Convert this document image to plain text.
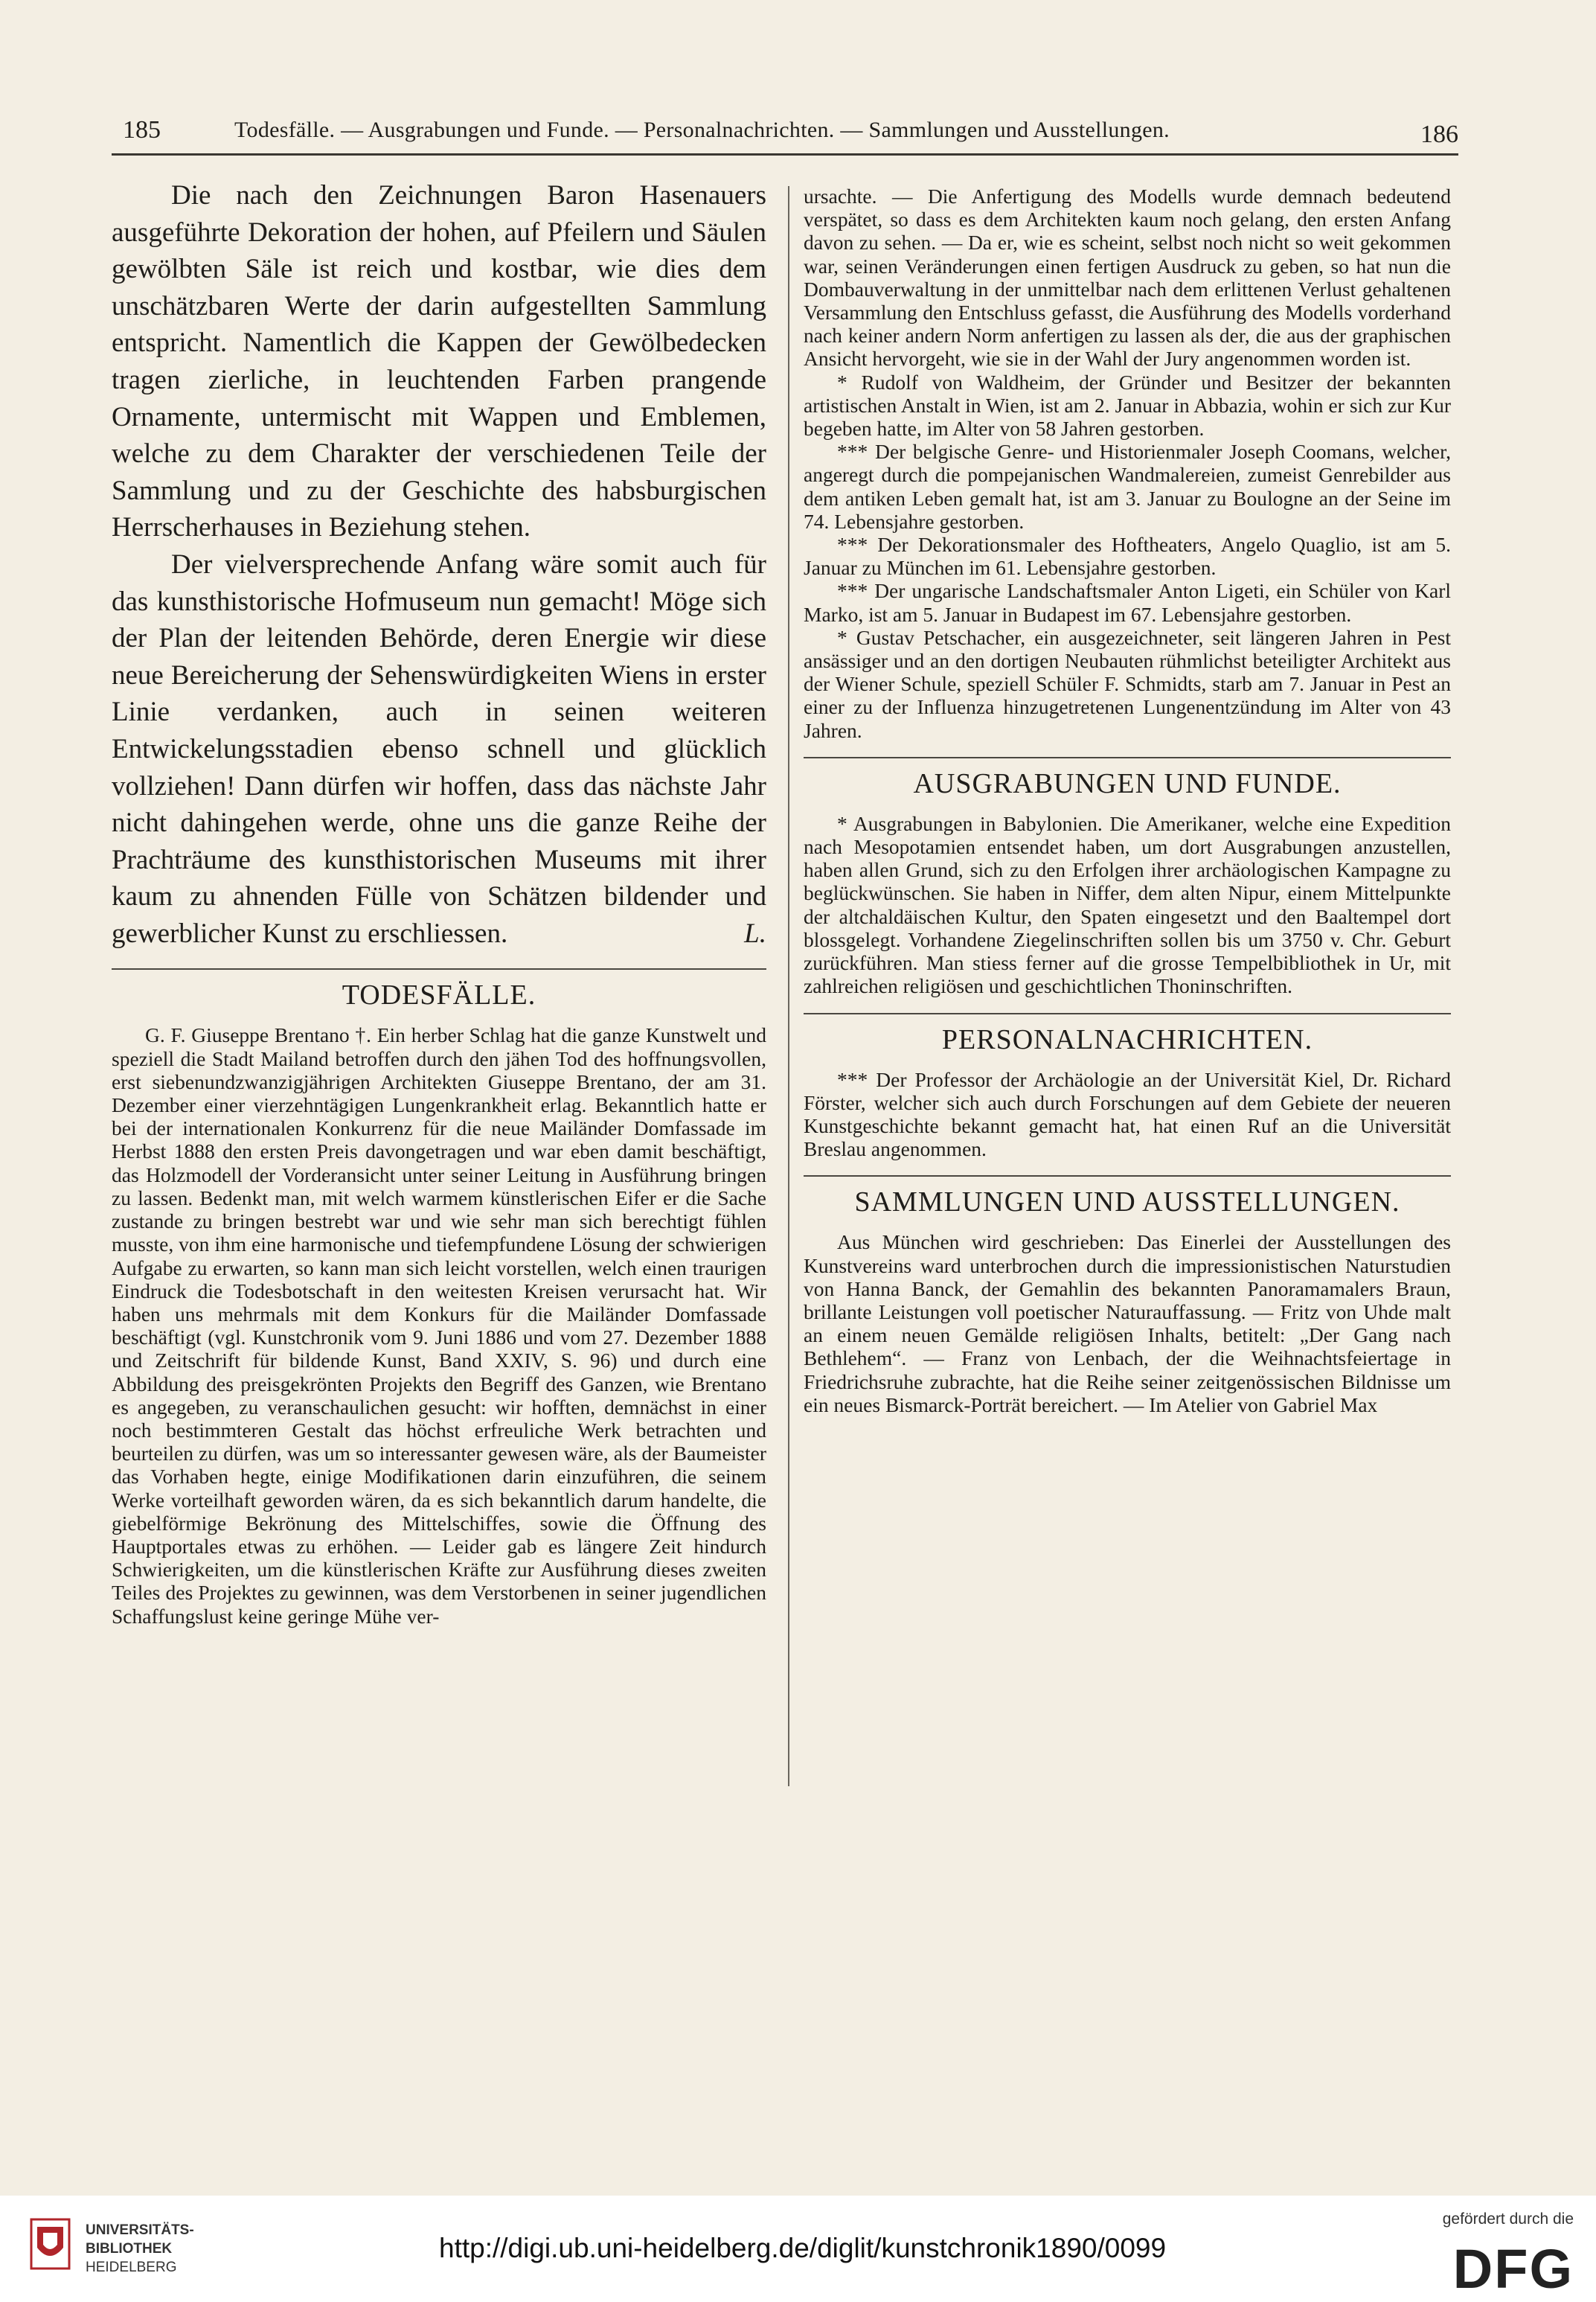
185	Todesfälle. — Ausgrabungen und Funde. — Personalnachrichten. — Sammlungen und Ausstellungen.	186

Die nach den Zeichnungen Baron Hasenauers ausgeführte Dekoration der hohen, auf Pfeilern und Säulen gewölbten Säle ist reich und kostbar, wie dies dem unschätzbaren Werte der darin aufgestellten Sammlung entspricht. Namentlich die Kappen der Gewölbedecken tragen zierliche, in leuchtenden Farben prangende Ornamente, untermischt mit Wappen und Emblemen, welche zu dem Charakter der verschiedenen Teile der Sammlung und zu der Geschichte des habsburgischen Herrscherhauses in Beziehung stehen.

Der vielversprechende Anfang wäre somit auch für das kunsthistorische Hofmuseum nun gemacht! Möge sich der Plan der leitenden Behörde, deren Energie wir diese neue Bereicherung der Sehenswürdigkeiten Wiens in erster Linie verdanken, auch in seinen weiteren Entwickelungsstadien ebenso schnell und glücklich vollziehen! Dann dürfen wir hoffen, dass das nächste Jahr nicht dahingehen werde, ohne uns die ganze Reihe der Prachträume des kunsthistorischen Museums mit ihrer kaum zu ahnenden Fülle von Schätzen bildender und gewerblicher Kunst zu erschliessen.	L.

TODESFÄLLE.

G. F. Giuseppe Brentano †. Ein herber Schlag hat die ganze Kunstwelt und speziell die Stadt Mailand betroffen durch den jähen Tod des hoffnungsvollen, erst siebenundzwanzigjährigen Architekten Giuseppe Brentano, der am 31. Dezember einer vierzehntägigen Lungenkrankheit erlag. Bekanntlich hatte er bei der internationalen Konkurrenz für die neue Mailänder Domfassade im Herbst 1888 den ersten Preis davongetragen und war eben damit beschäftigt, das Holzmodell der Vorderansicht unter seiner Leitung in Ausführung bringen zu lassen. Bedenkt man, mit welch warmem künstlerischen Eifer er die Sache zustande zu bringen bestrebt war und wie sehr man sich berechtigt fühlen musste, von ihm eine harmonische und tiefempfundene Lösung der schwierigen Aufgabe zu erwarten, so kann man sich leicht vorstellen, welch einen traurigen Eindruck die Todesbotschaft in den weitesten Kreisen verursacht hat. Wir haben uns mehrmals mit dem Konkurs für die Mailänder Domfassade beschäftigt (vgl. Kunstchronik vom 9. Juni 1886 und vom 27. Dezember 1888 und Zeitschrift für bildende Kunst, Band XXIV, S. 96) und durch eine Abbildung des preisgekrönten Projekts den Begriff des Ganzen, wie Brentano es angegeben, zu veranschaulichen gesucht: wir hofften, demnächst in einer noch bestimmteren Gestalt das höchst erfreuliche Werk betrachten und beurteilen zu dürfen, was um so interessanter gewesen wäre, als der Baumeister das Vorhaben hegte, einige Modifikationen darin einzuführen, die seinem Werke vorteilhaft geworden wären, da es sich bekanntlich darum handelte, die giebelförmige Bekrönung des Mittelschiffes, sowie die Öffnung des Hauptportales etwas zu erhöhen. — Leider gab es längere Zeit hindurch Schwierigkeiten, um die künstlerischen Kräfte zur Ausführung dieses zweiten Teiles des Projektes zu gewinnen, was dem Verstorbenen in seiner jugendlichen Schaffungslust keine geringe Mühe ver-

ursachte. — Die Anfertigung des Modells wurde demnach bedeutend verspätet, so dass es dem Architekten kaum noch gelang, den ersten Anfang davon zu sehen. — Da er, wie es scheint, selbst noch nicht so weit gekommen war, seinen Veränderungen einen fertigen Ausdruck zu geben, so hat nun die Dombauverwaltung in der unmittelbar nach dem erlittenen Verlust gehaltenen Versammlung den Entschluss gefasst, die Ausführung des Modells vorderhand nach keiner andern Norm anfertigen zu lassen als der, die aus der graphischen Ansicht hervorgeht, wie sie in der Wahl der Jury angenommen worden ist.

* Rudolf von Waldheim, der Gründer und Besitzer der bekannten artistischen Anstalt in Wien, ist am 2. Januar in Abbazia, wohin er sich zur Kur begeben hatte, im Alter von 58 Jahren gestorben.

*** Der belgische Genre- und Historienmaler Joseph Coomans, welcher, angeregt durch die pompejanischen Wandmalereien, zumeist Genrebilder aus dem antiken Leben gemalt hat, ist am 3. Januar zu Boulogne an der Seine im 74. Lebensjahre gestorben.

*** Der Dekorationsmaler des Hoftheaters, Angelo Quaglio, ist am 5. Januar zu München im 61. Lebensjahre gestorben.

*** Der ungarische Landschaftsmaler Anton Ligeti, ein Schüler von Karl Marko, ist am 5. Januar in Budapest im 67. Lebensjahre gestorben.

* Gustav Petschacher, ein ausgezeichneter, seit längeren Jahren in Pest ansässiger und an den dortigen Neubauten rühmlichst beteiligter Architekt aus der Wiener Schule, speziell Schüler F. Schmidts, starb am 7. Januar in Pest an einer zu der Influenza hinzugetretenen Lungenentzündung im Alter von 43 Jahren.

AUSGRABUNGEN UND FUNDE.

* Ausgrabungen in Babylonien. Die Amerikaner, welche eine Expedition nach Mesopotamien entsendet haben, um dort Ausgrabungen anzustellen, haben allen Grund, sich zu den Erfolgen ihrer archäologischen Kampagne zu beglückwünschen. Sie haben in Niffer, dem alten Nipur, einem Mittelpunkte der altchaldäischen Kultur, den Spaten eingesetzt und den Baaltempel dort blossgelegt. Vorhandene Ziegelinschriften sollen bis um 3750 v. Chr. Geburt zurückführen. Man stiess ferner auf die grosse Tempelbibliothek in Ur, mit zahlreichen religiösen und geschichtlichen Thoninschriften.

PERSONALNACHRICHTEN.

*** Der Professor der Archäologie an der Universität Kiel, Dr. Richard Förster, welcher sich auch durch Forschungen auf dem Gebiete der neueren Kunstgeschichte bekannt gemacht hat, hat einen Ruf an die Universität Breslau angenommen.

SAMMLUNGEN UND AUSSTELLUNGEN.

Aus München wird geschrieben: Das Einerlei der Ausstellungen des Kunstvereins ward unterbrochen durch die impressionistischen Naturstudien von Hanna Banck, der Gemahlin des bekannten Panoramamalers Braun, brillante Leistungen voll poetischer Naturauffassung. — Fritz von Uhde malt an einem neuen Gemälde religiösen Inhalts, betitelt: „Der Gang nach Bethlehem“. — Franz von Lenbach, der die Weihnachtsfeiertage in Friedrichsruhe zubrachte, hat die Reihe seiner zeitgenössischen Bildnisse um ein neues Bismarck-Porträt bereichert. — Im Atelier von Gabriel Max

UNIVERSITÄTS-
BIBLIOTHEK
HEIDELBERG
http://digi.ub.uni-heidelberg.de/diglit/kunstchronik1890/0099
gefördert durch die
DFG
